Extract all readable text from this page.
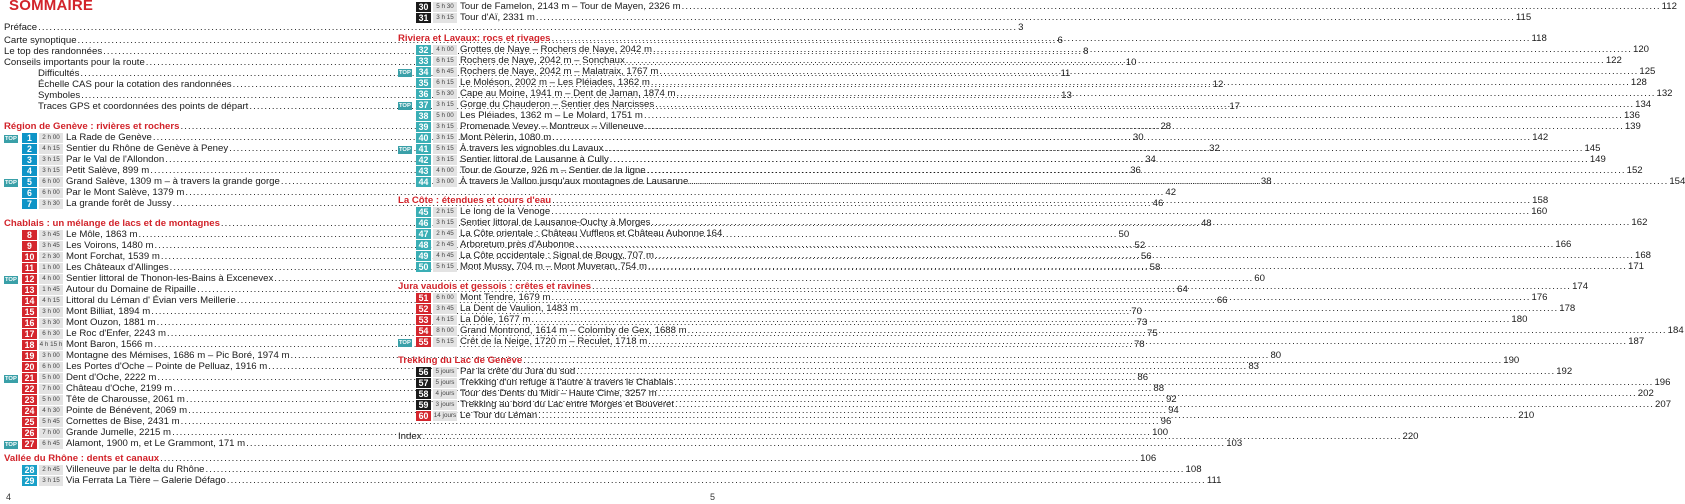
SOMMAIRE
Préface .....	3
Carte synoptique .....	6
Le top des randonnées .....	8
Conseils importants pour la route .....	10
Difficultés .....	11
Échelle CAS pour la cotation des randonnées .....	12
Symboles .....	13
Traces GPS et coordonnées des points de départ .....	17
Région de Genève : rivières et rochers .....	28
TOP	1	2 h 00 La Rade de Genève .....	30
2	4 h 15 Sentier du Rhône de Genève à Peney .....	32
3	3 h 15 Par le Val de l'Allondon .....	34
4	3 h 15 Petit Salève, 899 m .....	36
TOP	5	6 h 00 Grand Salève, 1309 m – à travers la grande gorge .....	38
6	6 h 00 Par le Mont Salève, 1379 m .....	42
7	3 h 30 La grande forêt de Jussy .....	46
Chablais : un mélange de lacs et de montagnes .....	48
8	3 h 45 Le Môle, 1863 m .....	50
9	3 h 45 Les Voirons, 1480 m .....	52
10	2 h 30 Mont Forchat, 1539 m .....	56
11	1 h 00 Les Châteaux d'Allinges .....	58
TOP 12	4 h 00 Sentier littoral de Thonon-les-Bains à Excenevex .....	60
13	1 h 45 Autour du Domaine de Ripaille .....	64
14	4 h 15 Littoral du Léman d' Évian vers Meillerie .....	66
15	3 h 00 Mont Billiat, 1894 m .....	70
16	3 h 30 Mont Ouzon, 1881 m .....	73
17	6 h 30 Le Roc d'Enfer, 2243 m .....	75
18 4 h 15 h Mont Baron, 1566 m .....	78
19	3 h 00 Montagne des Mémises, 1686 m – Pic Boré, 1974 m .....	80
20	6 h 00 Les Portes d'Oche – Pointe de Pelluaz, 1916 m .....	83
TOP 21	5 h 00 Dent d'Oche, 2222 m .....	86
22	7 h 00 Château d'Oche, 2199 m .....	88
23	5 h 00 Tête de Charousse, 2061 m .....	92
24	4 h 30 Pointe de Bénévent, 2069 m .....	94
25	5 h 45 Cornettes de Bise, 2431 m .....	96
26	7 h 00 Grande Jumelle, 2215 m .....	100
TOP 27	6 h 45 Alamont, 1900 m, et Le Grammont, 171 m .....	103
Vallée du Rhône : dents et canaux .....	106
28	2 h 45 Villeneuve par le delta du Rhône .....	108
29	3 h 15 Via Ferrata La Tière – Galerie Défago .....	111
4
30	5 h 30 Tour de Famelon, 2143 m – Tour de Mayen, 2326 m .....	112
31	3 h 15 Tour d'Aï, 2331 m .....	115
Riviera et Lavaux: rocs et rivages .....	118
32	4 h 00 Grottes de Naye – Rochers de Naye, 2042 m .....	120
33	6 h 15 Rochers de Naye, 2042 m – Sonchaux .....	122
TOP 34	6 h 45 Rochers de Naye, 2042 m – Malatraix, 1767 m .....	125
35	6 h 15 Le Moléson, 2002 m – Les Pléiades, 1362 m .....	128
36	5 h 30 Cape au Moine, 1941 m – Dent de Jaman, 1874 m .....	132
TOP 37	3 h 15 Gorge du Chauderon – Sentier des Narcisses .....	134
38	5 h 00 Les Pléiades, 1362 m – Le Molard, 1751 m .....	136
39	3 h 15 Promenade Vevey – Montreux – Villeneuve .....	139
40	3 h 15 Mont Pèlerin, 1080 m .....	142
TOP 41	5 h 15 À travers les vignobles du Lavaux .....	145
42	3 h 15 Sentier littoral de Lausanne à Cully .....	149
43	4 h 00 Tour de Gourze, 926 m – Sentier de la ligne .....	152
44	3 h 00 À travers le Vallon jusqu'aux montagnes de Lausanne .....	154
La Côte : étendues et cours d'eau .....	158
45	2 h 15 Le long de la Venoge .....	160
46	3 h 15 Sentier littoral de Lausanne-Ouchy à Morges .....	162
47	2 h 45 La Côte orientale : Château Vufflens et Château Aubonne 164
48	2 h 45 Arboretum près d'Aubonne .....	166
49	4 h 45 La Côte occidentale : Signal de Bougy, 707 m .....	168
50	5 h 15 Mont Mussy, 704 m – Mont Muveran, 754 m .....	171
Jura vaudois et gessois : crêtes et ravines .....	174
51	6 h 00 Mont Tendre, 1679 m .....	176
52	3 h 45 La Dent de Vaulion, 1483 m .....	178
53	4 h 15 La Dôle, 1677 m .....	180
54	8 h 00 Grand Montrond, 1614 m – Colomby de Gex, 1688 m .....	184
TOP 55	5 h 15 Crêt de la Neige, 1720 m – Reculet, 1718 m .....	187
Trekking du Lac de Genève .....	190
56	5 jours Par la crête du Jura du sud .....	192
57	5 jours Trekking d'un refuge à l'autre à travers le Chablais .....	196
58	4 jours Tour des Dents du Midi – Haute Cime, 3257 m .....	202
59	3 jours Trekking au bord du Lac entre Morges et Bouveret .....	207
60 14 jours Le Tour du Léman .....	210
Index .....	220
5
